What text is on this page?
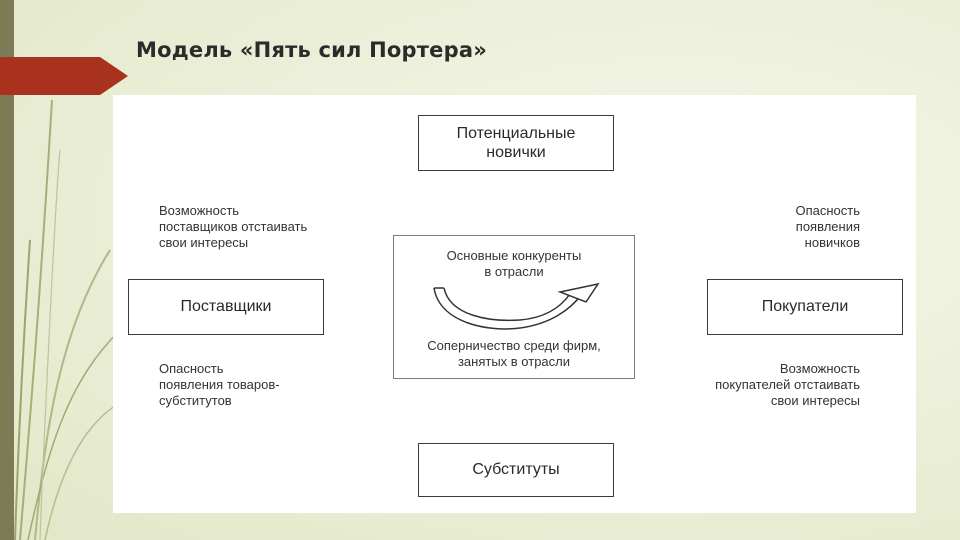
Модель «Пять сил Портера»
Потенциальные
новички
Возможность
поставщиков отстаивать
свои интересы
Опасность
появления
новичков
Поставщики	Покупатели
Основные конкуренты
в отрасли
Соперничество среди фирм,
занятых в отрасли
Опасность
появления товаров-
субститутов
Возможность
покупателей отстаивать
свои интересы
Субституты
